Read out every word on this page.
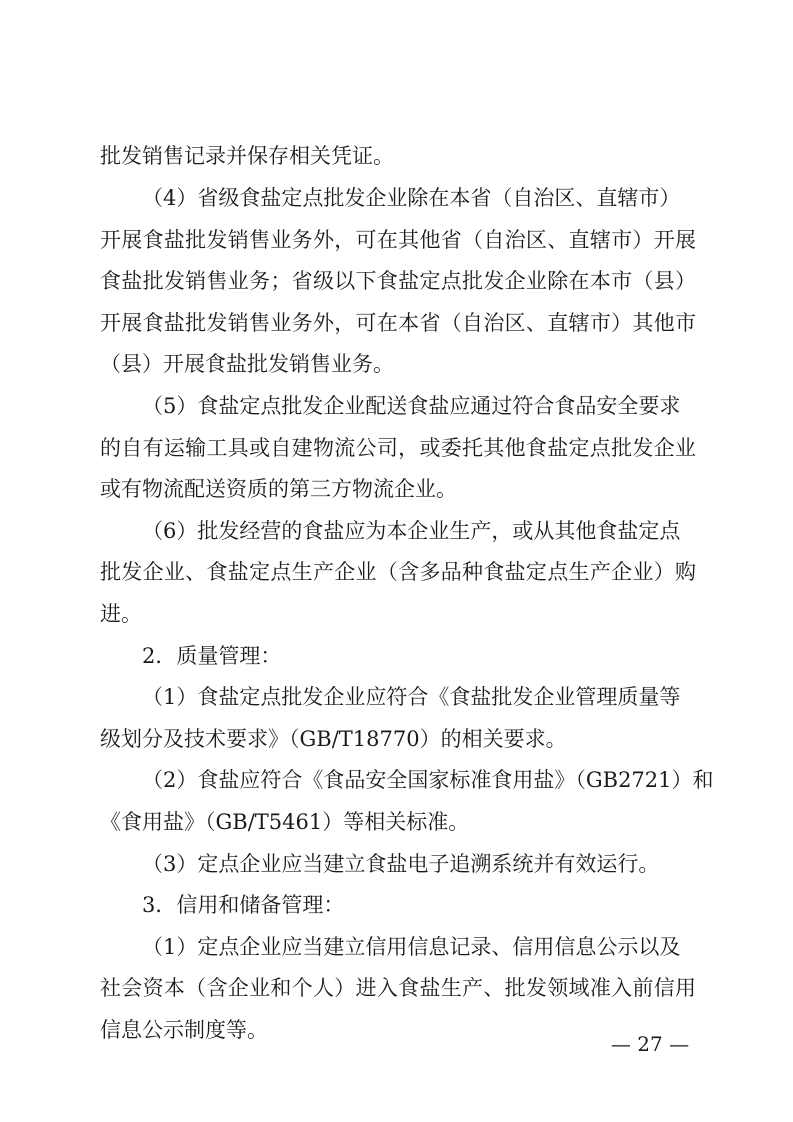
批发销售记录并保存相关凭证。
（4）省级食盐定点批发企业除在本省（自治区、直辖市）
开展食盐批发销售业务外，可在其他省（自治区、直辖市）开展
食盐批发销售业务；省级以下食盐定点批发企业除在本市（县）
开展食盐批发销售业务外，可在本省（自治区、直辖市）其他市
（县）开展食盐批发销售业务。
（5）食盐定点批发企业配送食盐应通过符合食品安全要求
的自有运输工具或自建物流公司，或委托其他食盐定点批发企业
或有物流配送资质的第三方物流企业。
（6）批发经营的食盐应为本企业生产，或从其他食盐定点
批发企业、食盐定点生产企业（含多品种食盐定点生产企业）购
进。
2．质量管理：
（1）食盐定点批发企业应符合《食盐批发企业管理质量等
级划分及技术要求》（GB/T18770）的相关要求。
（2）食盐应符合《食品安全国家标准食用盐》（GB2721）和
《食用盐》（GB/T5461）等相关标准。
（3）定点企业应当建立食盐电子追溯系统并有效运行。
3．信用和储备管理：
（1）定点企业应当建立信用信息记录、信用信息公示以及
社会资本（含企业和个人）进入食盐生产、批发领域准入前信用
信息公示制度等。
— 27 —
